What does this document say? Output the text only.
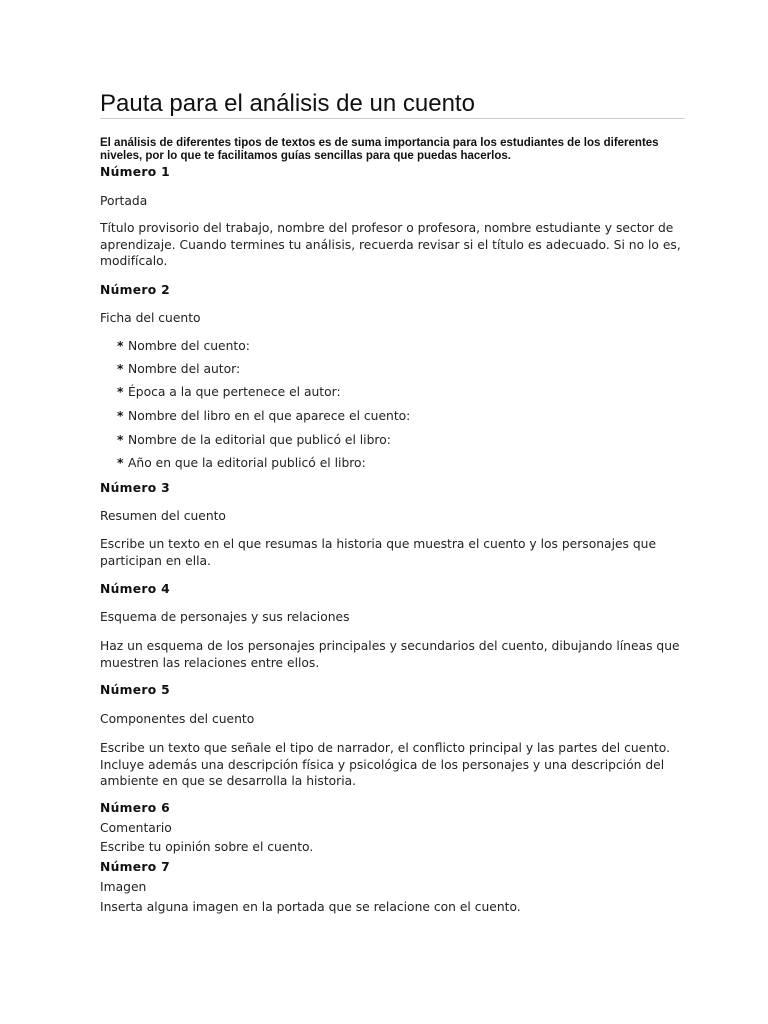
Pauta para el análisis de un cuento

El análisis de diferentes tipos de textos es de suma importancia para los estudiantes de los diferentes niveles, por lo que te facilitamos guías sencillas para que puedas hacerlos.

Número 1

Portada

Título provisorio del trabajo, nombre del profesor o profesora, nombre estudiante y sector de aprendizaje. Cuando termines tu análisis, recuerda revisar si el título es adecuado. Si no lo es, modifícalo.

Número 2

Ficha del cuento

* Nombre del cuento:

* Nombre del autor:

* Época a la que pertenece el autor:

* Nombre del libro en el que aparece el cuento:

* Nombre de la editorial que publicó el libro:

* Año en que la editorial publicó el libro:

Número 3

Resumen del cuento

Escribe un texto en el que resumas la historia que muestra el cuento y los personajes que participan en ella.

Número 4

Esquema de personajes y sus relaciones

Haz un esquema de los personajes principales y secundarios del cuento, dibujando líneas que muestren las relaciones entre ellos.

Número 5

Componentes del cuento

Escribe un texto que señale el tipo de narrador, el conflicto principal y las partes del cuento. Incluye además una descripción física y psicológica de los personajes y una descripción del ambiente en que se desarrolla la historia.

Número 6

Comentario

Escribe tu opinión sobre el cuento.

Número 7

Imagen

Inserta alguna imagen en la portada que se relacione con el cuento.
